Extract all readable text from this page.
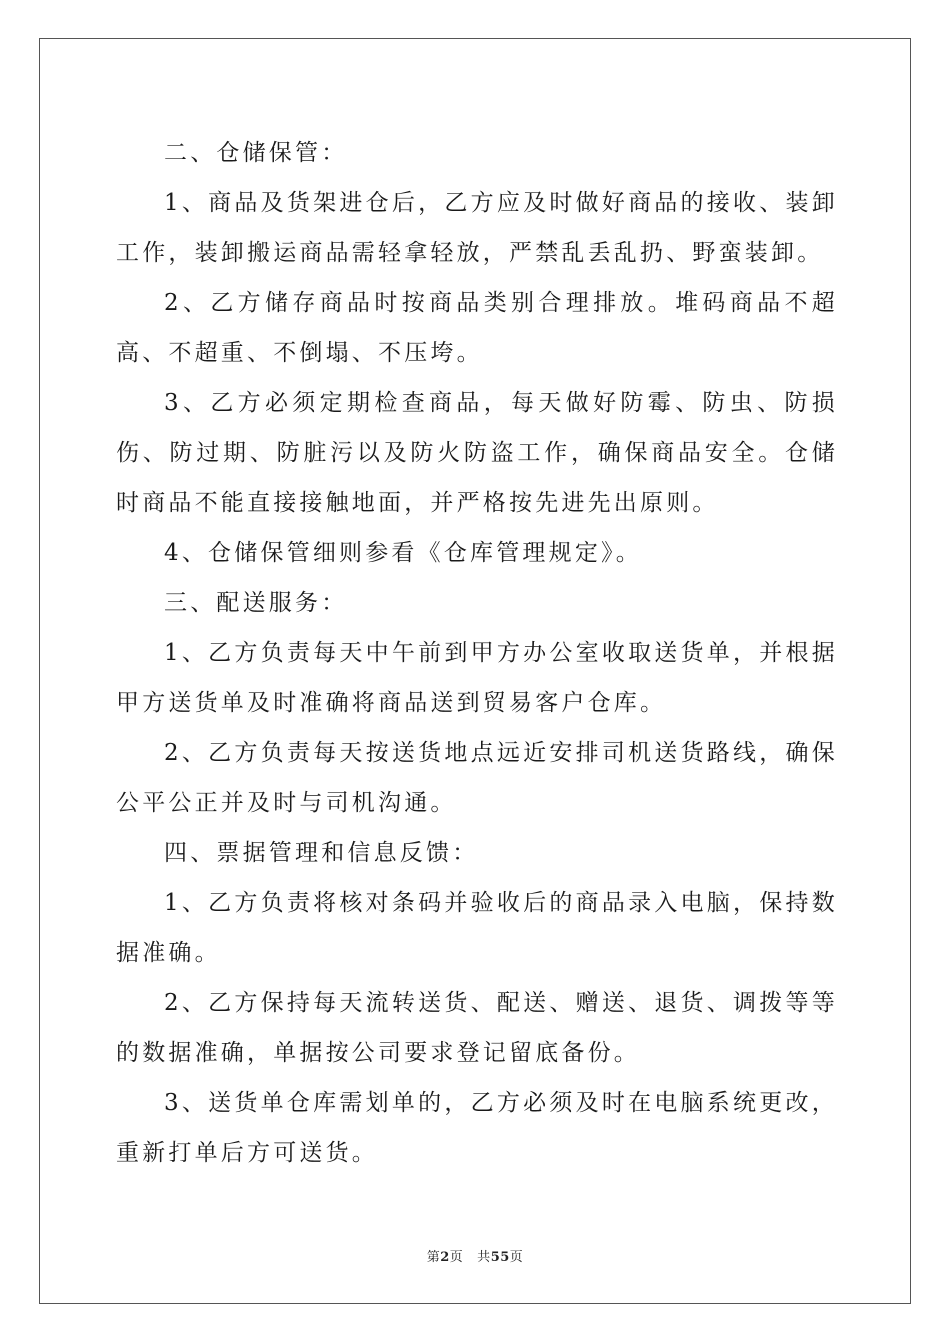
二、仓储保管：

1、商品及货架进仓后，乙方应及时做好商品的接收、装卸工作，装卸搬运商品需轻拿轻放，严禁乱丢乱扔、野蛮装卸。

2、乙方储存商品时按商品类别合理排放。堆码商品不超高、不超重、不倒塌、不压垮。

3、乙方必须定期检查商品，每天做好防霉、防虫、防损伤、防过期、防脏污以及防火防盗工作，确保商品安全。仓储时商品不能直接接触地面，并严格按先进先出原则。

4、仓储保管细则参看《仓库管理规定》。

三、配送服务：

1、乙方负责每天中午前到甲方办公室收取送货单，并根据甲方送货单及时准确将商品送到贸易客户仓库。

2、乙方负责每天按送货地点远近安排司机送货路线，确保公平公正并及时与司机沟通。

四、票据管理和信息反馈：

1、乙方负责将核对条码并验收后的商品录入电脑，保持数据准确。

2、乙方保持每天流转送货、配送、赠送、退货、调拨等等的数据准确，单据按公司要求登记留底备份。

3、送货单仓库需划单的，乙方必须及时在电脑系统更改，重新打单后方可送货。

第2页 共55页
